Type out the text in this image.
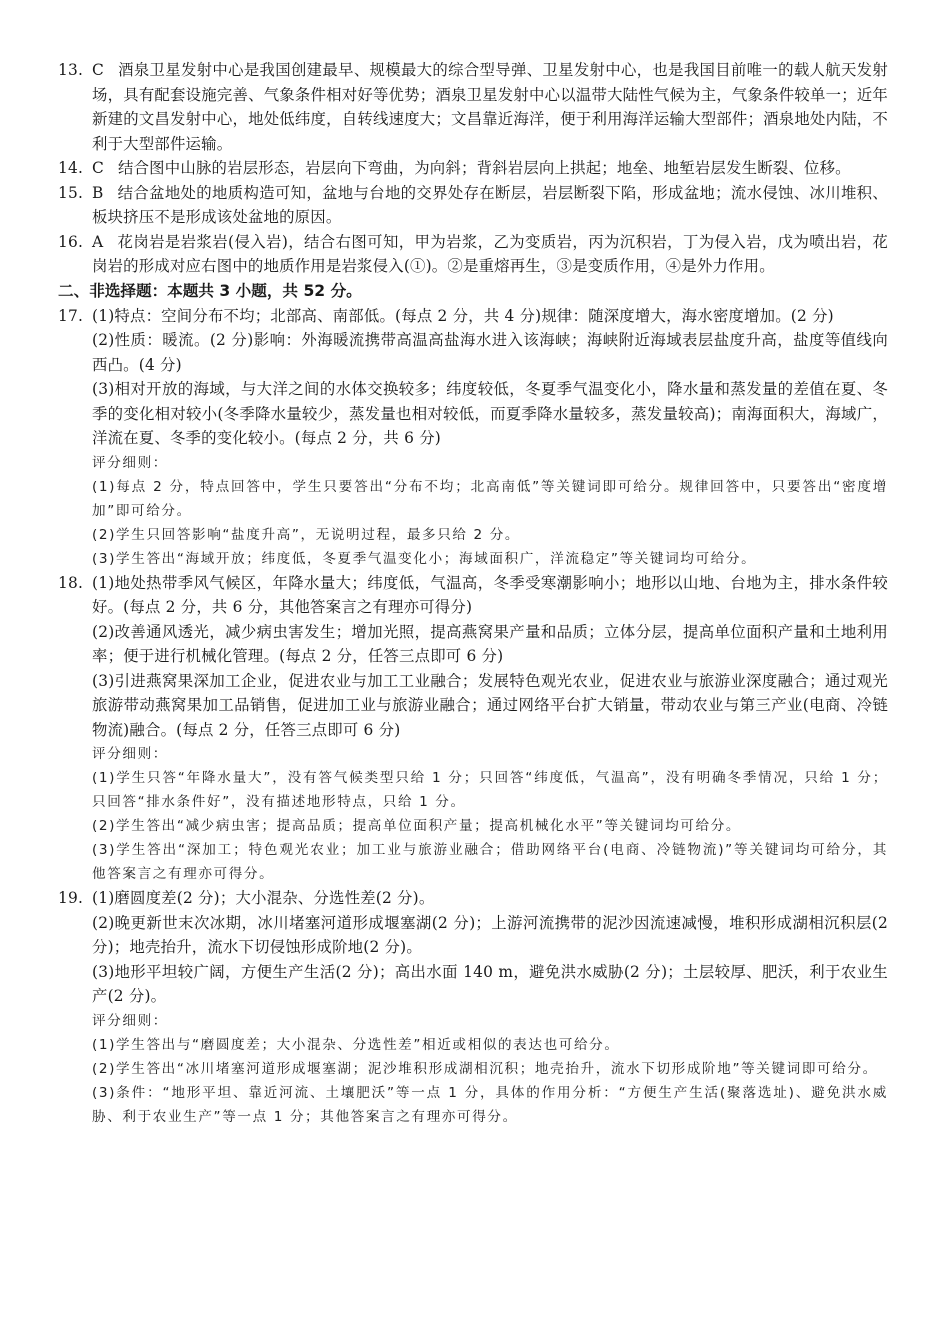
13. C 酒泉卫星发射中心是我国创建最早、规模最大的综合型导弹、卫星发射中心，也是我国目前唯一的载人航天发射场，具有配套设施完善、气象条件相对好等优势；酒泉卫星发射中心以温带大陆性气候为主，气象条件较单一；近年新建的文昌发射中心，地处低纬度，自转线速度大；文昌靠近海洋，便于利用海洋运输大型部件；酒泉地处内陆，不利于大型部件运输。

14. C 结合图中山脉的岩层形态，岩层向下弯曲，为向斜；背斜岩层向上拱起；地垒、地堑岩层发生断裂、位移。

15. B 结合盆地处的地质构造可知，盆地与台地的交界处存在断层，岩层断裂下陷，形成盆地；流水侵蚀、冰川堆积、板块挤压不是形成该处盆地的原因。

16. A 花岗岩是岩浆岩(侵入岩)，结合右图可知，甲为岩浆，乙为变质岩，丙为沉积岩，丁为侵入岩，戊为喷出岩，花岗岩的形成对应右图中的地质作用是岩浆侵入(①)。②是重熔再生，③是变质作用，④是外力作用。

二、非选择题：本题共 3 小题，共 52 分。
17. (1)特点：空间分布不均；北部高、南部低。(每点 2 分，共 4 分)规律：随深度增大，海水密度增加。(2 分)

(2)性质：暖流。(2 分)影响：外海暖流携带高温高盐海水进入该海峡；海峡附近海域表层盐度升高，盐度等值线向西凸。(4 分)

(3)相对开放的海域，与大洋之间的水体交换较多；纬度较低，冬夏季气温变化小，降水量和蒸发量的差值在夏、冬季的变化相对较小(冬季降水量较少，蒸发量也相对较低，而夏季降水量较多，蒸发量较高)；南海面积大，海域广，洋流在夏、冬季的变化较小。(每点 2 分，共 6 分)

评分细则：

(1)每点 2 分，特点回答中，学生只要答出“分布不均；北高南低”等关键词即可给分。规律回答中，只要答出“密度增加”即可给分。

(2)学生只回答影响“盐度升高”，无说明过程，最多只给 2 分。

(3)学生答出“海域开放；纬度低，冬夏季气温变化小；海域面积广，洋流稳定”等关键词均可给分。

18. (1)地处热带季风气候区，年降水量大；纬度低，气温高，冬季受寒潮影响小；地形以山地、台地为主，排水条件较好。(每点 2 分，共 6 分，其他答案言之有理亦可得分)

(2)改善通风透光，减少病虫害发生；增加光照，提高燕窝果产量和品质；立体分层，提高单位面积产量和土地利用率；便于进行机械化管理。(每点 2 分，任答三点即可 6 分)

(3)引进燕窝果深加工企业，促进农业与加工工业融合；发展特色观光农业，促进农业与旅游业深度融合；通过观光旅游带动燕窝果加工品销售，促进加工业与旅游业融合；通过网络平台扩大销量，带动农业与第三产业(电商、冷链物流)融合。(每点 2 分，任答三点即可 6 分)

评分细则：

(1)学生只答“年降水量大”，没有答气候类型只给 1 分；只回答“纬度低，气温高”，没有明确冬季情况，只给 1 分；只回答“排水条件好”，没有描述地形特点，只给 1 分。

(2)学生答出“减少病虫害；提高品质；提高单位面积产量；提高机械化水平”等关键词均可给分。

(3)学生答出“深加工；特色观光农业；加工业与旅游业融合；借助网络平台(电商、冷链物流)”等关键词均可给分，其他答案言之有理亦可得分。

19. (1)磨圆度差(2 分)；大小混杂、分选性差(2 分)。

(2)晚更新世末次冰期，冰川堵塞河道形成堰塞湖(2 分)；上游河流携带的泥沙因流速减慢，堆积形成湖相沉积层(2 分)；地壳抬升，流水下切侵蚀形成阶地(2 分)。

(3)地形平坦较广阔，方便生产生活(2 分)；高出水面 140 m，避免洪水威胁(2 分)；土层较厚、肥沃，利于农业生产(2 分)。

评分细则：

(1)学生答出与“磨圆度差；大小混杂、分选性差”相近或相似的表达也可给分。

(2)学生答出“冰川堵塞河道形成堰塞湖；泥沙堆积形成湖相沉积；地壳抬升，流水下切形成阶地”等关键词即可给分。

(3)条件：“地形平坦、靠近河流、土壤肥沃”等一点 1 分，具体的作用分析：“方便生产生活(聚落选址)、避免洪水威胁、利于农业生产”等一点 1 分；其他答案言之有理亦可得分。
